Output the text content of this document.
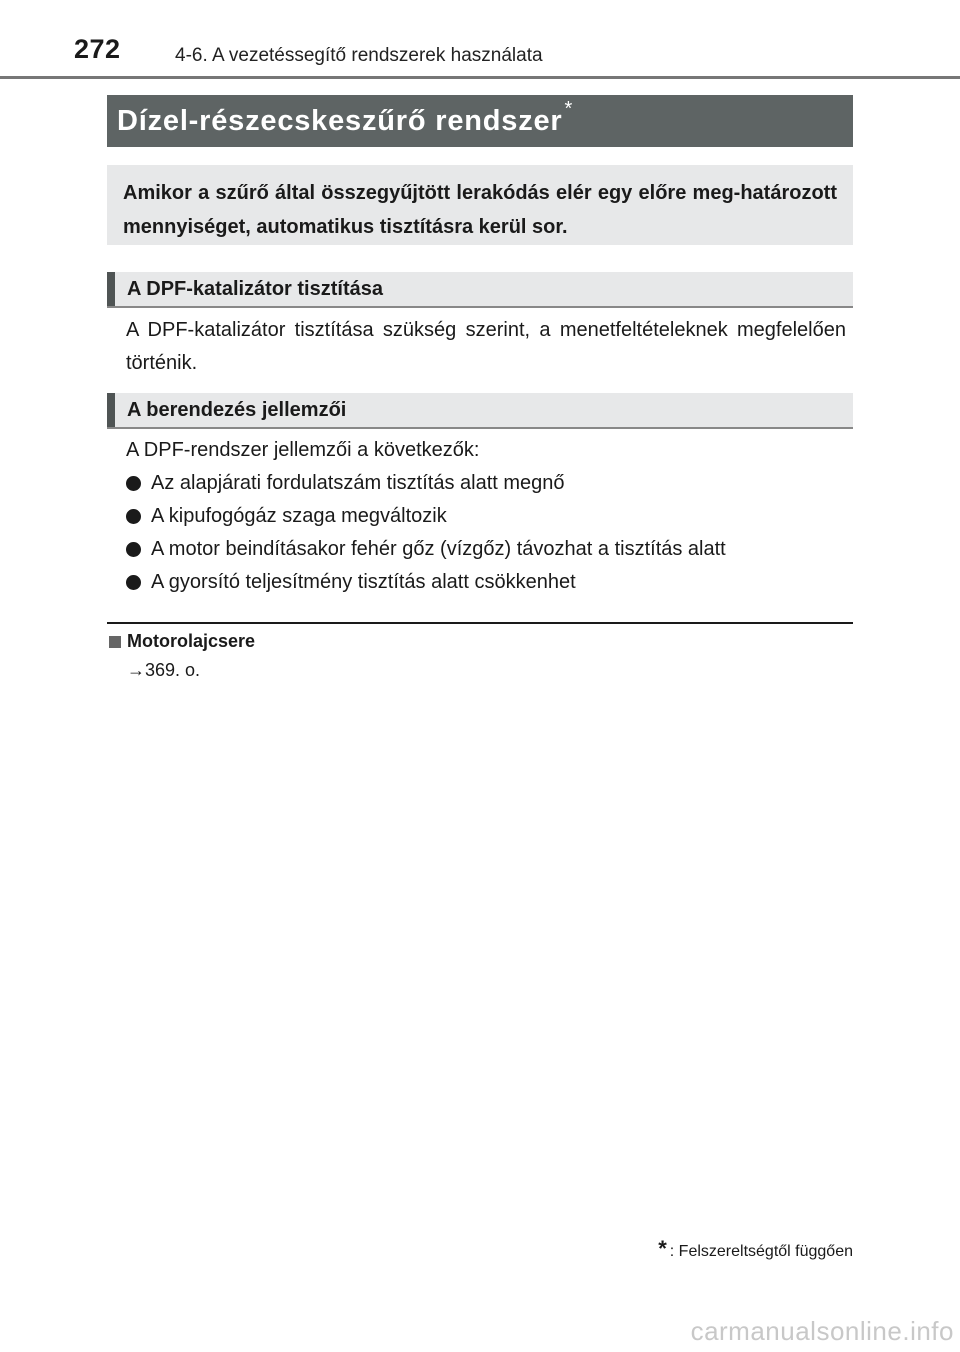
272	4-6. A vezetéssegítő rendszerek használata
Dízel-részecskeszűrő rendszer *
Amikor a szűrő által összegyűjtött lerakódás elér egy előre meg-határozott mennyiséget, automatikus tisztításra kerül sor.
A DPF-katalizátor tisztítása
A DPF-katalizátor tisztítása szükség szerint, a menetfeltételeknek megfelelően történik.
A berendezés jellemzői
A DPF-rendszer jellemzői a következők:
Az alapjárati fordulatszám tisztítás alatt megnő
A kipufogógáz szaga megváltozik
A motor beindításakor fehér gőz (vízgőz) távozhat a tisztítás alatt
A gyorsító teljesítmény tisztítás alatt csökkenhet
Motorolajcsere
→369. o.
* : Felszereltségtől függően
carmanualsonline.info
